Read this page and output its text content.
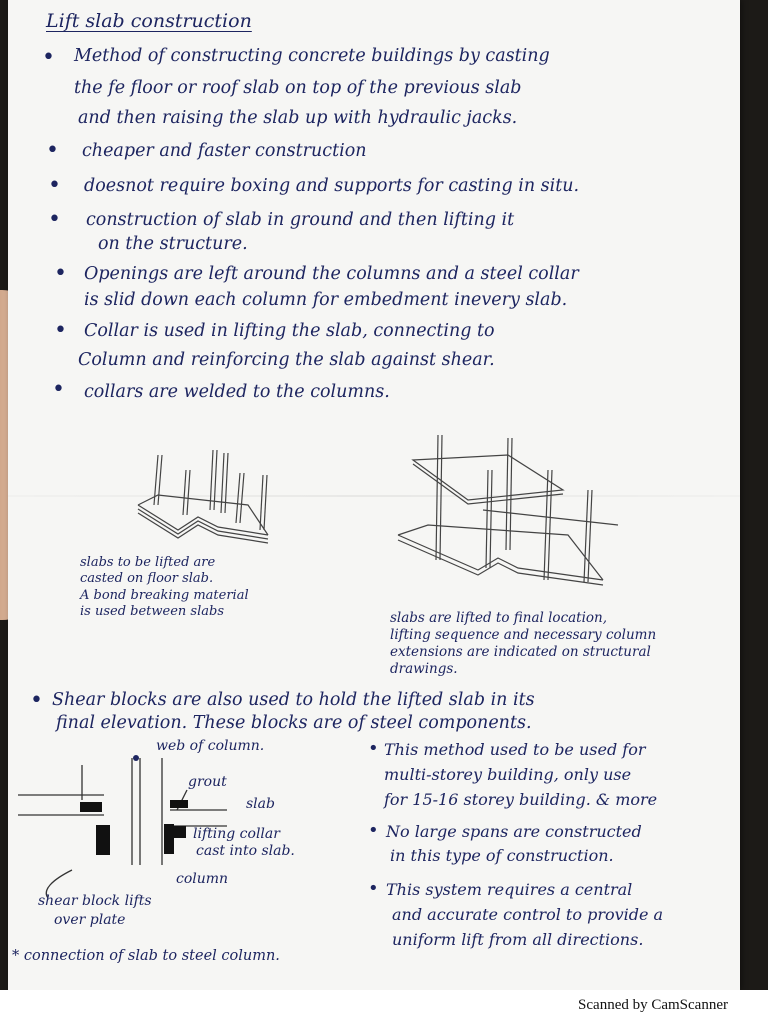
Lift slab construction
• Method of constructing concrete buildings by casting
the fe floor or roof slab on top of the previous slab
and then raising the slab up with hydraulic jacks.
• cheaper and faster construction
• doesnot require boxing and supports for casting in situ.
• construction of slab in ground and then lifting it
on the structure.
• Openings are left around the columns and a steel collar
is slid down each column for embedment inevery slab.
• Collar is used in lifting the slab, connecting to
Column and reinforcing the slab against shear.
• collars are welded to the columns.
slabs to be lifted are
casted on floor slab.
A bond breaking material
is used between slabs	slabs are lifted to final location,
lifting sequence and necessary column
extensions are indicated on structural
drawings.
• Shear blocks are also used to hold the lifted slab in its
final elevation. These blocks are of steel components.
web of column.
grout
slab
lifting collar
cast into slab.
column
shear block lifts
over plate
* connection of slab to steel column.
• This method used to be used for
multi-storey building, only use
for 15-16 storey building. & more
• No large spans are constructed
in this type of construction.
• This system requires a central
and accurate control to provide a
uniform lift from all directions.
Scanned by CamScanner
